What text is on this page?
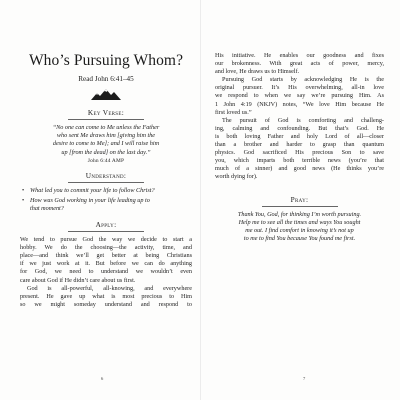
Who’s Pursuing Whom?
Read John 6:41–45
Key Verse:
“No one can come to Me unless the Father
who sent Me draws him [giving him the
desire to come to Me]; and I will raise him
up [from the dead] on the last day.”
John 6:44 AMP
Understand:
• What led you to commit your life to follow Christ?
• How was God working in your life leading up to
that moment?
Apply:
We tend to pursue God the way we decide to start a
hobby. We do the choosing—the activity, time, and
place—and think we’ll get better at being Christians
if we just work at it. But before we can do anything
for God, we need to understand we wouldn’t even
care about God if He didn’t care about us first.
God is all-powerful, all-knowing, and everywhere
present. He gave up what is most precious to Him
so we might someday understand and respond to
6
His initiative. He enables our goodness and fixes
our brokenness. With great acts of power, mercy,
and love, He draws us to Himself.
Pursuing God starts by acknowledging He is the
original pursuer. It’s His overwhelming, all-in love
we respond to when we say we’re pursuing Him. As
1 John 4:19 (NKJV) notes, “We love Him because He
first loved us.”
The pursuit of God is comforting and challeng-
ing, calming and confounding. But that’s God. He
is both loving Father and holy Lord of all—closer
than a brother and harder to grasp than quantum
physics. God sacrificed His precious Son to save
you, which imparts both terrible news (you’re that
much of a sinner) and good news (He thinks you’re
worth dying for).
Pray:
Thank You, God, for thinking I’m worth pursuing.
Help me to see all the times and ways You sought
me out. I find comfort in knowing it’s not up
to me to find You because You found me first.
7
